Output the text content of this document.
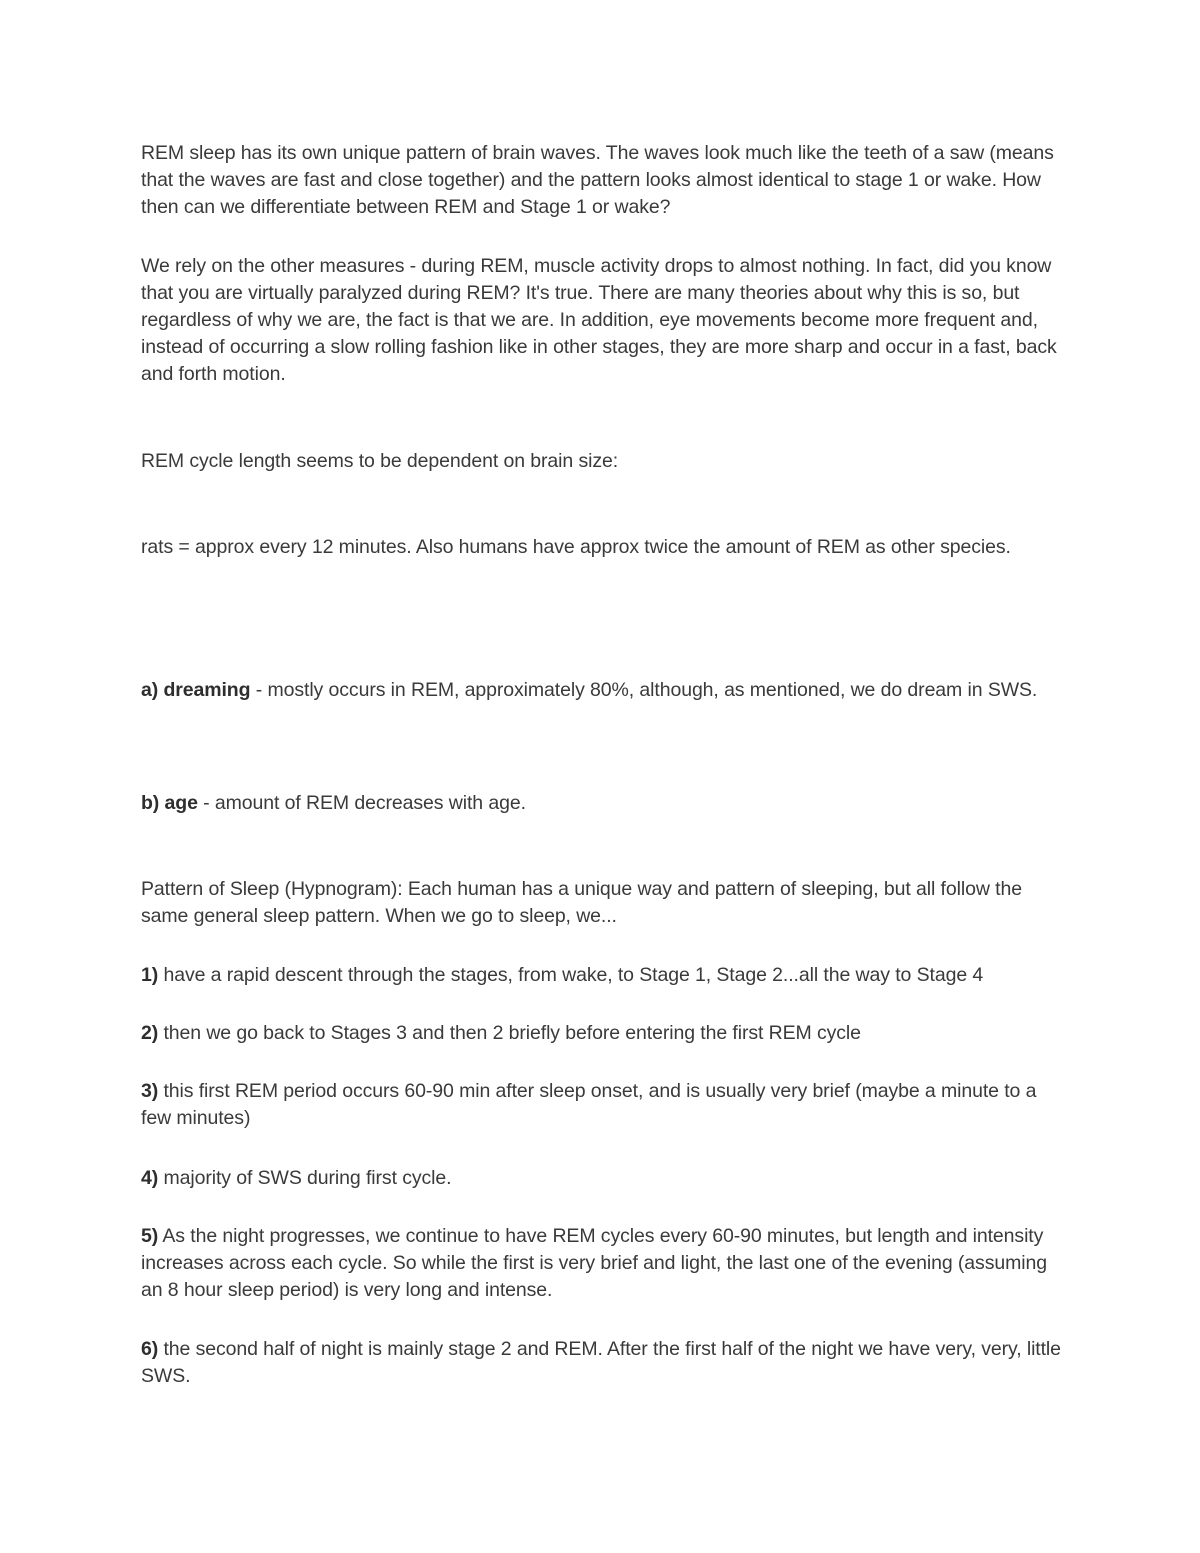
REM sleep has its own unique pattern of brain waves. The waves look much like the teeth of a saw (means that the waves are fast and close together) and the pattern looks almost identical to stage 1 or wake. How then can we differentiate between REM and Stage 1 or wake?

We rely on the other measures - during REM, muscle activity drops to almost nothing. In fact, did you know that you are virtually paralyzed during REM? It's true. There are many theories about why this is so, but regardless of why we are, the fact is that we are. In addition, eye movements become more frequent and, instead of occurring a slow rolling fashion like in other stages, they are more sharp and occur in a fast, back and forth motion.

REM cycle length seems to be dependent on brain size:

rats = approx every 12 minutes. Also humans have approx twice the amount of REM as other species.

a) dreaming - mostly occurs in REM, approximately 80%, although, as mentioned, we do dream in SWS.

b) age - amount of REM decreases with age.

Pattern of Sleep (Hypnogram): Each human has a unique way and pattern of sleeping, but all follow the same general sleep pattern. When we go to sleep, we...

1) have a rapid descent through the stages, from wake, to Stage 1, Stage 2...all the way to Stage 4

2) then we go back to Stages 3 and then 2 briefly before entering the first REM cycle

3) this first REM period occurs 60-90 min after sleep onset, and is usually very brief (maybe a minute to a few minutes)

4) majority of SWS during first cycle.

5) As the night progresses, we continue to have REM cycles every 60-90 minutes, but length and intensity increases across each cycle. So while the first is very brief and light, the last one of the evening (assuming an 8 hour sleep period) is very long and intense.

6) the second half of night is mainly stage 2 and REM. After the first half of the night we have very, very, little SWS.
